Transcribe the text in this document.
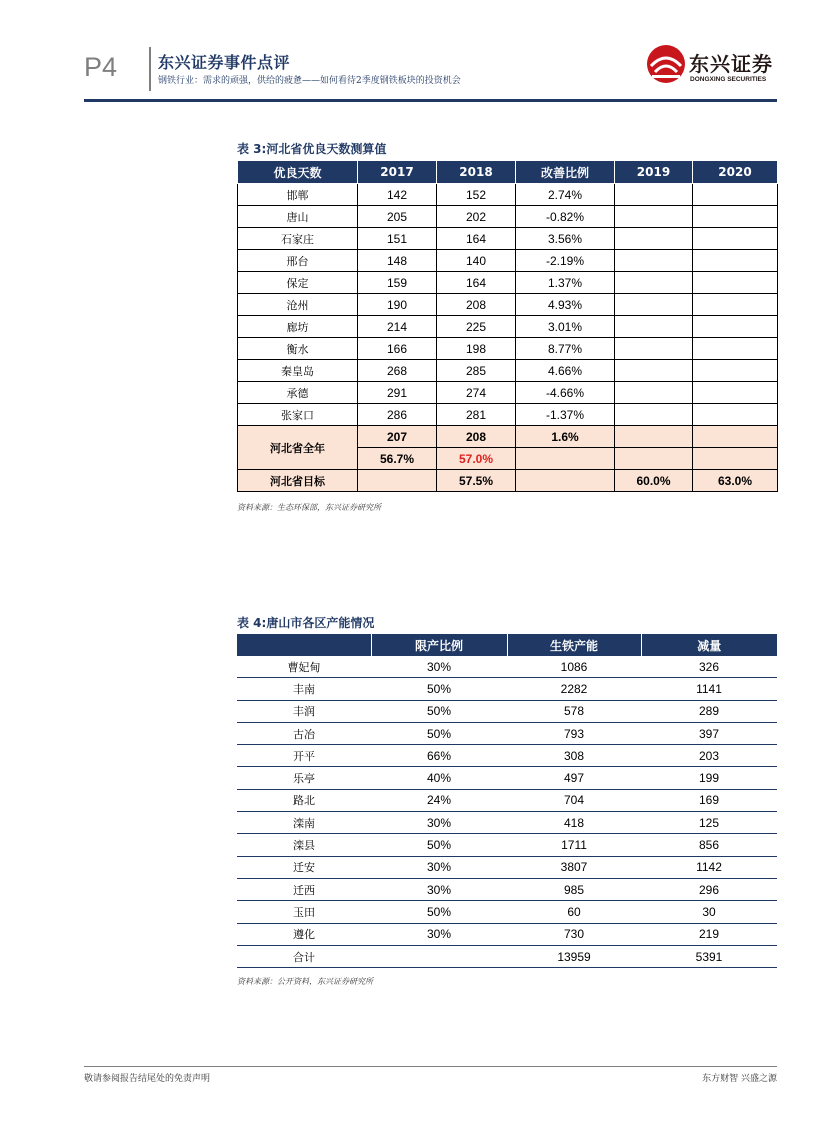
P4	东兴证券事件点评
钢铁行业：需求的顽强，供给的疲惫——如何看待2季度钢铁板块的投资机会
东兴证券
DONGXING SECURITIES
表 3:河北省优良天数测算值
优良天数	2017	2018	改善比例	2019	2020
邯郸	142	152	2.74%		
唐山	205	202	-0.82%		
石家庄	151	164	3.56%		
邢台	148	140	-2.19%		
保定	159	164	1.37%		
沧州	190	208	4.93%		
廊坊	214	225	3.01%		
衡水	166	198	8.77%		
秦皇岛	268	285	4.66%		
承德	291	274	-4.66%		
张家口	286	281	-1.37%		
河北省全年	207	208	1.6%		
	56.7%	57.0%			
河北省目标		57.5%		60.0%	63.0%
资料来源：生态环保部，东兴证券研究所
表 4:唐山市各区产能情况
	限产比例	生铁产能	减量
曹妃甸	30%	1086	326
丰南	50%	2282	1141
丰润	50%	578	289
古冶	50%	793	397
开平	66%	308	203
乐亭	40%	497	199
路北	24%	704	169
滦南	30%	418	125
滦县	50%	1711	856
迁安	30%	3807	1142
迁西	30%	985	296
玉田	50%	60	30
遵化	30%	730	219
合计		13959	5391
资料来源：公开资料，东兴证券研究所
敬请参阅报告结尾处的免责声明	东方财智 兴盛之源
